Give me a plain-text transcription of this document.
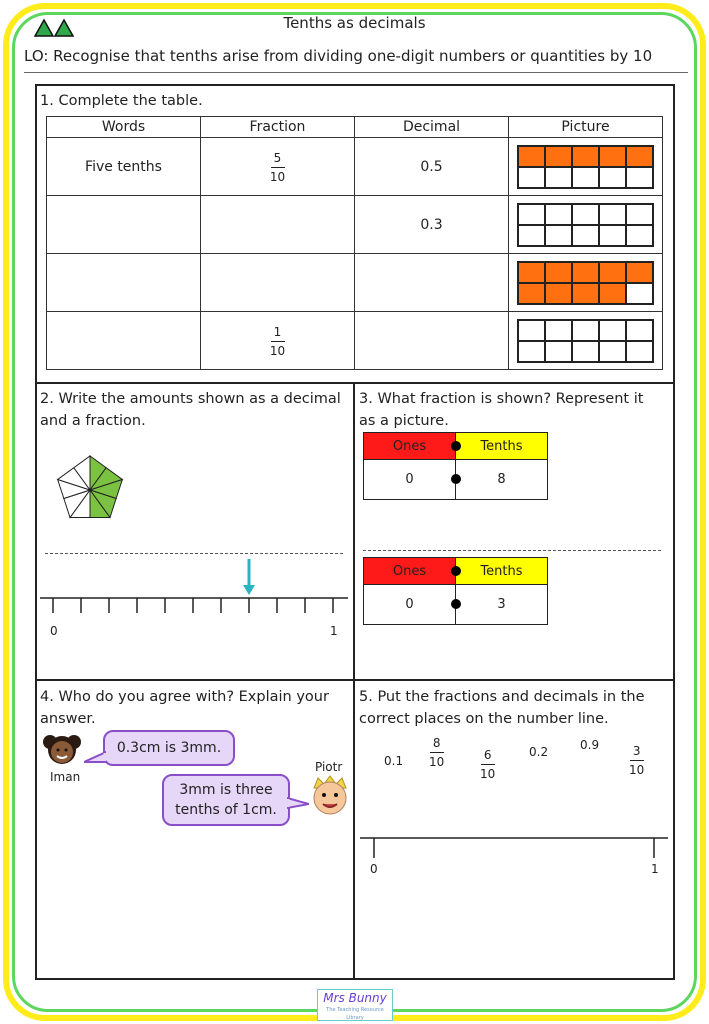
Tenths as decimals
LO: Recognise that tenths arise from dividing one-digit numbers or quantities by 10
1. Complete the table.
Words	Fraction	Decimal	Picture
Five tenths	$\frac{5}{10}$	0.5	

		0.3	

	$\frac{1}{10}$

2. Write the amounts shown as a decimal
and a fraction.
0	1
3. What fraction is shown? Represent it
as a picture.
Ones	Tenths
0	8
Ones	Tenths
0	3
4. Who do you agree with? Explain your
answer.
Iman
0.3cm is 3mm.
Piotr
3mm is three
tenths of 1cm.
5. Put the fractions and decimals in the
correct places on the number line.
$0.1 \frac{8}{10}$	$\frac{6}{10}$	0.2	$0.9 \frac{3}{10}$
0	1
Mrs Bunny
The Teaching Resource Library
